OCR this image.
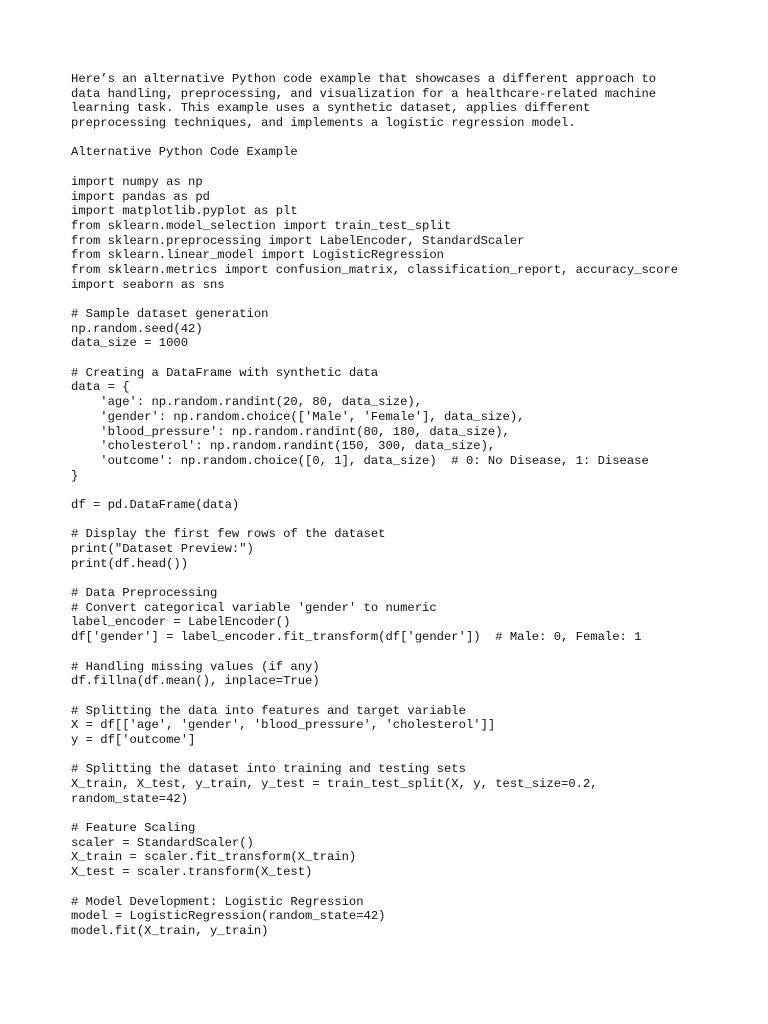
Here’s an alternative Python code example that showcases a different approach to
data handling, preprocessing, and visualization for a healthcare-related machine
learning task. This example uses a synthetic dataset, applies different
preprocessing techniques, and implements a logistic regression model.
Alternative Python Code Example
import numpy as np
import pandas as pd
import matplotlib.pyplot as plt
from sklearn.model_selection import train_test_split
from sklearn.preprocessing import LabelEncoder, StandardScaler
from sklearn.linear_model import LogisticRegression
from sklearn.metrics import confusion_matrix, classification_report, accuracy_score
import seaborn as sns
# Sample dataset generation
np.random.seed(42)
data_size = 1000
# Creating a DataFrame with synthetic data
data = {
'age': np.random.randint(20, 80, data_size),
'gender': np.random.choice(['Male', 'Female'], data_size),
'blood_pressure': np.random.randint(80, 180, data_size),
'cholesterol': np.random.randint(150, 300, data_size),
'outcome': np.random.choice([0, 1], data_size)  # 0: No Disease, 1: Disease
}
df = pd.DataFrame(data)
# Display the first few rows of the dataset
print("Dataset Preview:")
print(df.head())
# Data Preprocessing
# Convert categorical variable 'gender' to numeric
label_encoder = LabelEncoder()
df['gender'] = label_encoder.fit_transform(df['gender'])  # Male: 0, Female: 1
# Handling missing values (if any)
df.fillna(df.mean(), inplace=True)
# Splitting the data into features and target variable
X = df[['age', 'gender', 'blood_pressure', 'cholesterol']]
y = df['outcome']
# Splitting the dataset into training and testing sets
X_train, X_test, y_train, y_test = train_test_split(X, y, test_size=0.2,
random_state=42)
# Feature Scaling
scaler = StandardScaler()
X_train = scaler.fit_transform(X_train)
X_test = scaler.transform(X_test)
# Model Development: Logistic Regression
model = LogisticRegression(random_state=42)
model.fit(X_train, y_train)
